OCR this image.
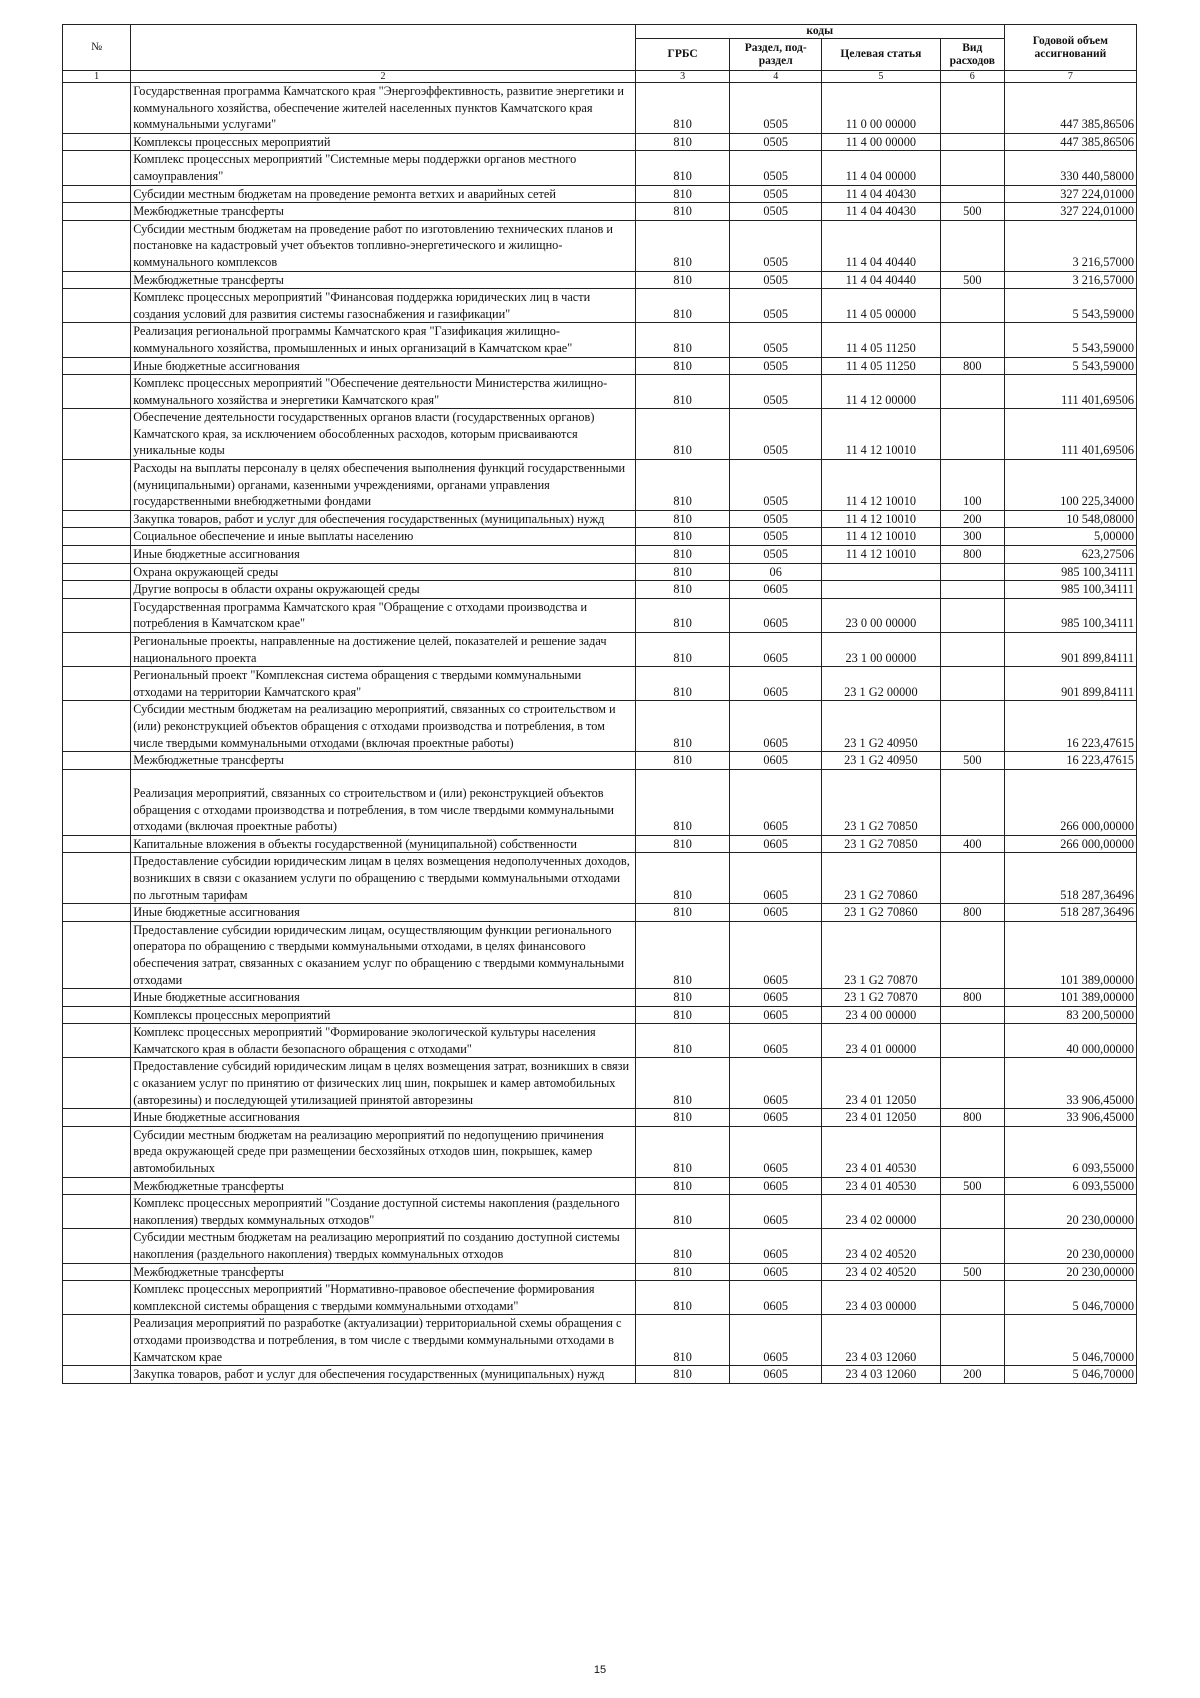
№		коды				Годовой объем ассигнований
		ГРБС	Раздел, под-раздел	Целевая статья	Вид расходов	
1	2	3	4	5	6	7
	Государственная программа Камчатского края "Энергоэффективность, развитие энергетики и коммунального хозяйства, обеспечение жителей населенных пунктов Камчатского края коммунальными услугами"	810	0505	11 0 00 00000		447 385,86506
	Комплексы процессных мероприятий	810	0505	11 4 00 00000		447 385,86506
	Комплекс процессных мероприятий "Системные меры поддержки органов местного самоуправления"	810	0505	11 4 04 00000		330 440,58000
	Субсидии местным бюджетам на проведение ремонта ветхих и аварийных сетей	810	0505	11 4 04 40430		327 224,01000
	Межбюджетные трансферты	810	0505	11 4 04 40430	500	327 224,01000
	Субсидии местным бюджетам на проведение работ по изготовлению технических планов и постановке на кадастровый учет объектов топливно-энергетического и жилищно-коммунального комплексов	810	0505	11 4 04 40440		3 216,57000
	Межбюджетные трансферты	810	0505	11 4 04 40440	500	3 216,57000
	Комплекс процессных мероприятий "Финансовая поддержка юридических лиц в части создания условий для развития системы газоснабжения и газификации"	810	0505	11 4 05 00000		5 543,59000
	Реализация региональной программы Камчатского края "Газификация жилищно-коммунального хозяйства, промышленных и иных организаций в Камчатском крае"	810	0505	11 4 05 11250		5 543,59000
	Иные бюджетные ассигнования	810	0505	11 4 05 11250	800	5 543,59000
	Комплекс процессных мероприятий "Обеспечение деятельности Министерства жилищно-коммунального хозяйства и энергетики Камчатского края"	810	0505	11 4 12 00000		111 401,69506
	Обеспечение деятельности государственных органов власти (государственных органов) Камчатского края, за исключением обособленных расходов, которым присваиваются уникальные коды	810	0505	11 4 12 10010		111 401,69506
	Расходы на выплаты персоналу в целях обеспечения выполнения функций государственными (муниципальными) органами, казенными учреждениями, органами управления государственными внебюджетными фондами	810	0505	11 4 12 10010	100	100 225,34000
	Закупка товаров, работ и услуг для обеспечения государственных (муниципальных) нужд	810	0505	11 4 12 10010	200	10 548,08000
	Социальное обеспечение и иные выплаты населению	810	0505	11 4 12 10010	300	5,00000
	Иные бюджетные ассигнования	810	0505	11 4 12 10010	800	623,27506
	Охрана окружающей среды	810	06			985 100,34111
	Другие вопросы в области охраны окружающей среды	810	0605			985 100,34111
	Государственная программа Камчатского края "Обращение с отходами производства и потребления в Камчатском крае"	810	0605	23 0 00 00000		985 100,34111
	Региональные проекты, направленные на достижение целей, показателей и решение задач национального проекта	810	0605	23 1 00 00000		901 899,84111
	Региональный проект "Комплексная система обращения с твердыми коммунальными отходами на территории Камчатского края"	810	0605	23 1 G2 00000		901 899,84111
	Субсидии местным бюджетам на реализацию мероприятий, связанных со строительством и (или) реконструкцией объектов обращения с отходами производства и потребления, в том числе твердыми коммунальными отходами (включая проектные работы)	810	0605	23 1 G2 40950		16 223,47615
	Межбюджетные трансферты	810	0605	23 1 G2 40950	500	16 223,47615
	Реализация мероприятий, связанных со строительством и (или) реконструкцией объектов обращения с отходами производства и потребления, в том числе твердыми коммунальными отходами (включая проектные работы)	810	0605	23 1 G2 70850		266 000,00000
	Капитальные вложения в объекты государственной (муниципальной) собственности	810	0605	23 1 G2 70850	400	266 000,00000
	Предоставление субсидии юридическим лицам в целях возмещения недополученных доходов, возникших в связи с оказанием услуги по обращению с твердыми коммунальными отходами по льготным тарифам	810	0605	23 1 G2 70860		518 287,36496
	Иные бюджетные ассигнования	810	0605	23 1 G2 70860	800	518 287,36496
	Предоставление субсидии юридическим лицам, осуществляющим функции регионального оператора по обращению с твердыми коммунальными отходами, в целях финансового обеспечения затрат, связанных с оказанием услуг по обращению с твердыми коммунальными отходами	810	0605	23 1 G2 70870		101 389,00000
	Иные бюджетные ассигнования	810	0605	23 1 G2 70870	800	101 389,00000
	Комплексы процессных мероприятий	810	0605	23 4 00 00000		83 200,50000
	Комплекс процессных мероприятий "Формирование экологической культуры населения Камчатского края в области безопасного обращения с отходами"	810	0605	23 4 01 00000		40 000,00000
	Предоставление субсидий юридическим лицам в целях возмещения затрат, возникших в связи с оказанием услуг по принятию от физических лиц шин, покрышек и камер автомобильных (авторезины) и последующей утилизацией принятой авторезины	810	0605	23 4 01 12050		33 906,45000
	Иные бюджетные ассигнования	810	0605	23 4 01 12050	800	33 906,45000
	Субсидии местным бюджетам на реализацию мероприятий по недопущению причинения вреда окружающей среде при размещении бесхозяйных отходов шин, покрышек, камер автомобильных	810	0605	23 4 01 40530		6 093,55000
	Межбюджетные трансферты	810	0605	23 4 01 40530	500	6 093,55000
	Комплекс процессных мероприятий "Создание доступной системы накопления (раздельного накопления) твердых коммунальных отходов"	810	0605	23 4 02 00000		20 230,00000
	Субсидии местным бюджетам на реализацию мероприятий по созданию доступной системы накопления (раздельного накопления) твердых коммунальных отходов	810	0605	23 4 02 40520		20 230,00000
	Межбюджетные трансферты	810	0605	23 4 02 40520	500	20 230,00000
	Комплекс процессных мероприятий "Нормативно-правовое обеспечение формирования комплексной системы обращения с твердыми коммунальными отходами"	810	0605	23 4 03 00000		5 046,70000
	Реализация мероприятий по разработке (актуализации) территориальной схемы обращения с отходами производства и потребления, в том числе с твердыми коммунальными отходами в Камчатском крае	810	0605	23 4 03 12060		5 046,70000
	Закупка товаров, работ и услуг для обеспечения государственных (муниципальных) нужд	810	0605	23 4 03 12060	200	5 046,70000
15
